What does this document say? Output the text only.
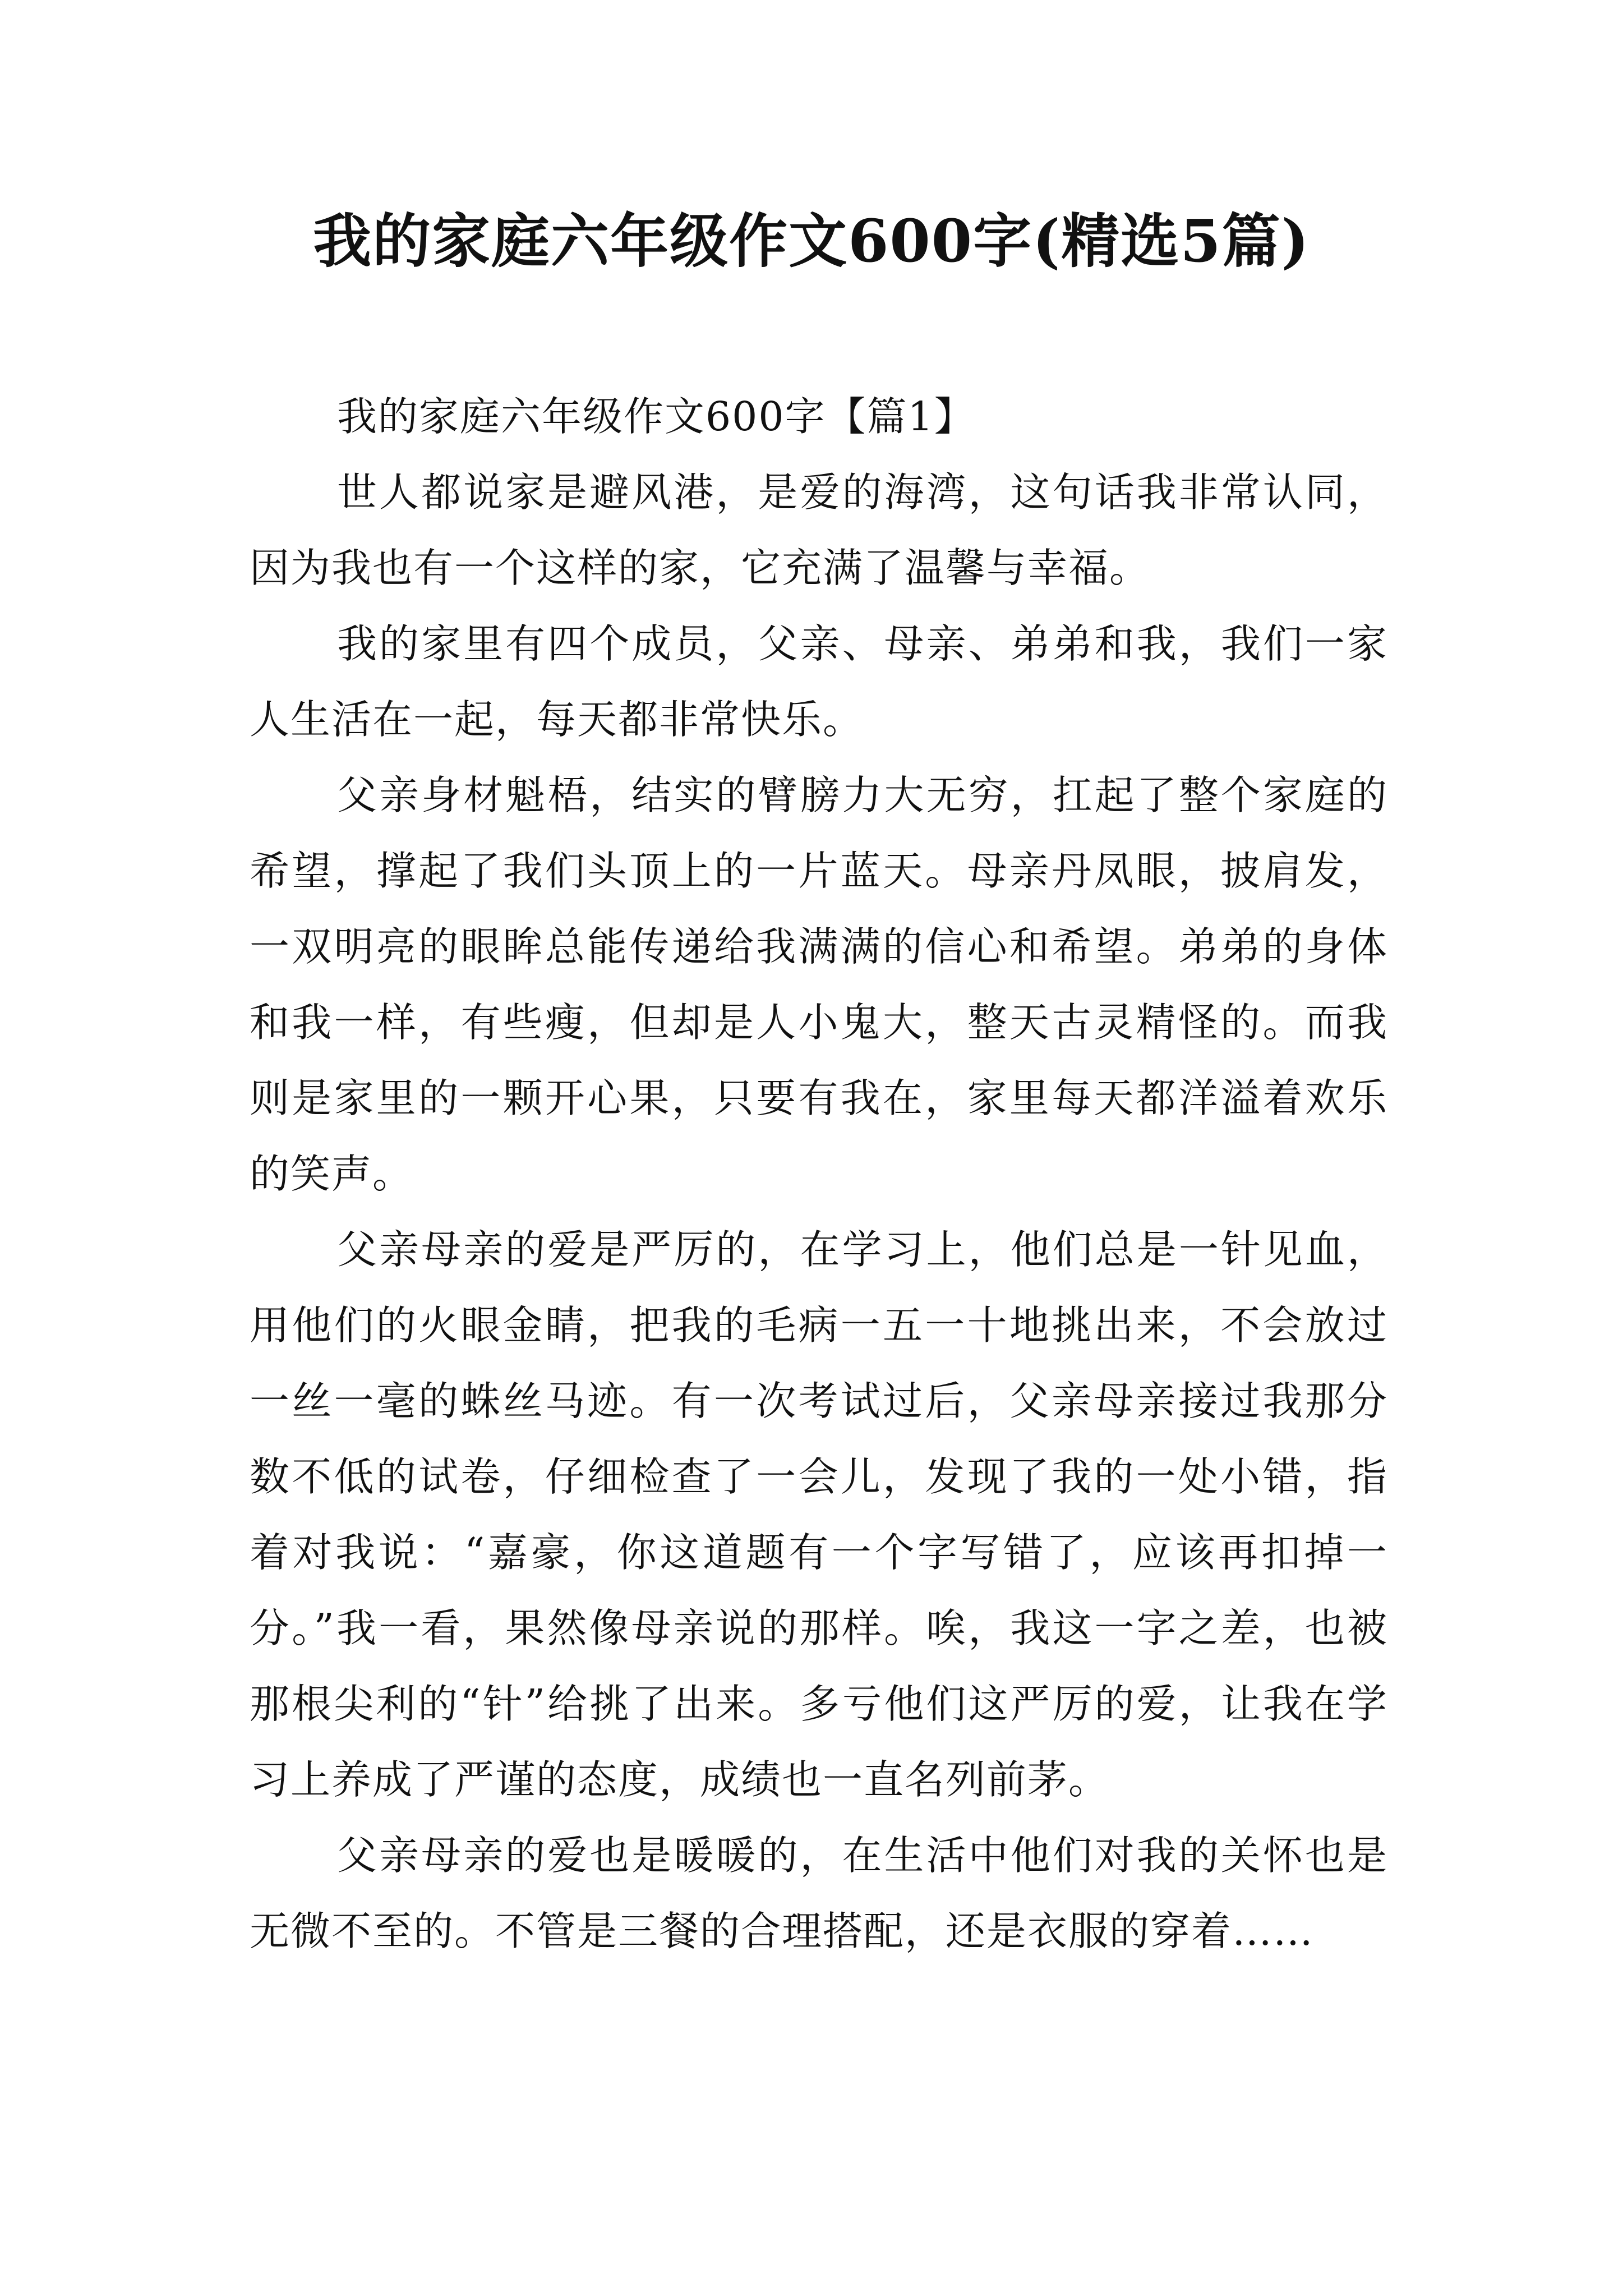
我的家庭六年级作文600字(精选5篇)

我的家庭六年级作文600字【篇1】

世人都说家是避风港，是爱的海湾，这句话我非常认同，因为我也有一个这样的家，它充满了温馨与幸福。

我的家里有四个成员，父亲、母亲、弟弟和我，我们一家人生活在一起，每天都非常快乐。

父亲身材魁梧，结实的臂膀力大无穷，扛起了整个家庭的希望，撑起了我们头顶上的一片蓝天。母亲丹凤眼，披肩发，一双明亮的眼眸总能传递给我满满的信心和希望。弟弟的身体和我一样，有些瘦，但却是人小鬼大，整天古灵精怪的。而我则是家里的一颗开心果，只要有我在，家里每天都洋溢着欢乐的笑声。

父亲母亲的爱是严厉的，在学习上，他们总是一针见血，用他们的火眼金睛，把我的毛病一五一十地挑出来，不会放过一丝一毫的蛛丝马迹。有一次考试过后，父亲母亲接过我那分数不低的试卷，仔细检查了一会儿，发现了我的一处小错，指着对我说：“嘉豪，你这道题有一个字写错了，应该再扣掉一分。”我一看，果然像母亲说的那样。唉，我这一字之差，也被那根尖利的“针”给挑了出来。多亏他们这严厉的爱，让我在学习上养成了严谨的态度，成绩也一直名列前茅。

父亲母亲的爱也是暖暖的，在生活中他们对我的关怀也是无微不至的。不管是三餐的合理搭配，还是衣服的穿着……
